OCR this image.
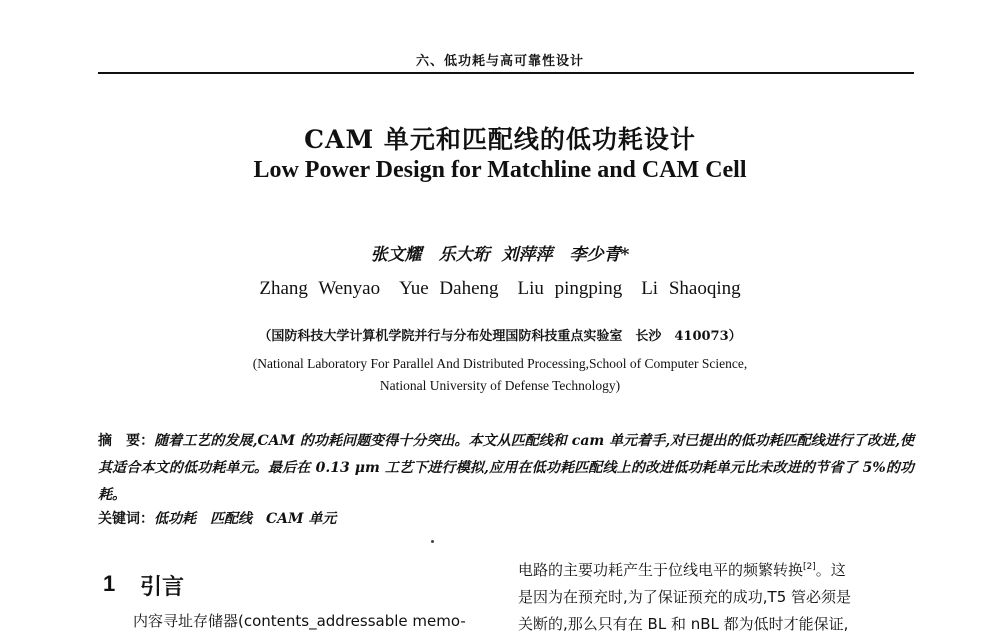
六、低功耗与高可靠性设计
CAM 单元和匹配线的低功耗设计
Low Power Design for Matchline and CAM Cell
张文耀　乐大珩 刘萍萍　李少青*
Zhang Wenyao　Yue Daheng　Liu pingping　Li Shaoqing
（国防科技大学计算机学院并行与分布处理国防科技重点实验室　长沙　410073）
(National Laboratory For Parallel And Distributed Processing,School of Computer Science,
National University of Defense Technology)
摘　要：随着工艺的发展,CAM 的功耗问题变得十分突出。本文从匹配线和 cam 单元着手,对已提出的低功耗匹配线进行了改进,使其适合本文的低功耗单元。最后在 0.13 μm 工艺下进行模拟,应用在低功耗匹配线上的改进低功耗单元比未改进的节省了 5%的功耗。
关键词：低功耗　匹配线　CAM 单元
1 引言
内容寻址存储器(contents_addressable memo-
电路的主要功耗产生于位线电平的频繁转换[2]。这
是因为在预充时,为了保证预充的成功,T5 管必须是
关断的,那么只有在 BL 和 nBL 都为低时才能保证,
